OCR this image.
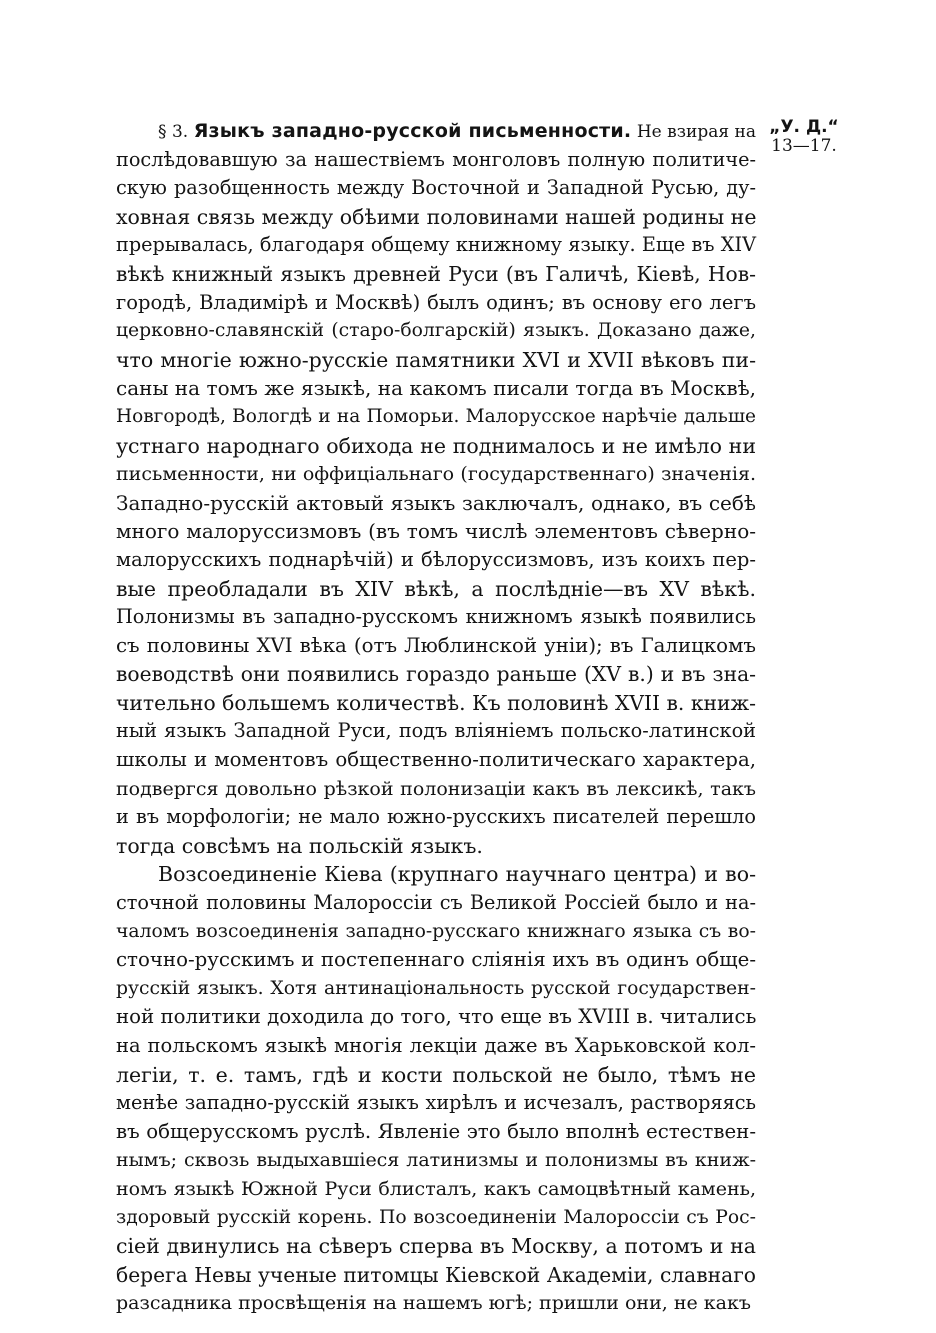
„У. Д.“
13—17.
§ 3. Языкъ западно-русской письменности. Не взирая на
послѣдовавшую за нашествіемъ монголовъ полную политиче-
скую разобщенность между Восточной и Западной Русью, ду-
ховная связь между обѣими половинами нашей родины не
прерывалась, благодаря общему книжному языку. Еще въ XIV
вѣкѣ книжный языкъ древней Руси (въ Галичѣ, Кіевѣ, Нов-
городѣ, Владимірѣ и Москвѣ) былъ одинъ; въ основу его легъ
церковно-славянскій (старо-болгарскій) языкъ. Доказано даже,
что многіе южно-русскіе памятники XVI и XVII вѣковъ пи-
саны на томъ же языкѣ, на какомъ писали тогда въ Москвѣ,
Новгородѣ, Вологдѣ и на Поморьи. Малорусское нарѣчіе дальше
устнаго народнаго обихода не поднималось и не имѣло ни
письменности, ни оффиціальнаго (государственнаго) значенія.
Западно-русскій актовый языкъ заключалъ, однако, въ себѣ
много малоруссизмовъ (въ томъ числѣ элементовъ сѣверно-
малорусскихъ поднарѣчій) и бѣлоруссизмовъ, изъ коихъ пер-
вые преобладали въ XIV вѣкѣ, а послѣдніе—въ XV вѣкѣ.
Полонизмы въ западно-русскомъ книжномъ языкѣ появились
съ половины XVI вѣка (отъ Люблинской уніи); въ Галицкомъ
воеводствѣ они появились гораздо раньше (XV в.) и въ зна-
чительно большемъ количествѣ. Къ половинѣ XVII в. книж-
ный языкъ Западной Руси, подъ вліяніемъ польско-латинской
школы и моментовъ общественно-политическаго характера,
подвергся довольно рѣзкой полонизаціи какъ въ лексикѣ, такъ
и въ морфологіи; не мало южно-русскихъ писателей перешло
тогда совсѣмъ на польскій языкъ.
Возсоединеніе Кіева (крупнаго научнаго центра) и во-
сточной половины Малороссіи съ Великой Россіей было и на-
чаломъ возсоединенія западно-русскаго книжнаго языка съ во-
сточно-русскимъ и постепеннаго сліянія ихъ въ одинъ обще-
русскій языкъ. Хотя антинаціональность русской государствен-
ной политики доходила до того, что еще въ XVIII в. читались
на польскомъ языкѣ многія лекціи даже въ Харьковской кол-
легіи, т. е. тамъ, гдѣ и кости польской не было, тѣмъ не
менѣе западно-русскій языкъ хирѣлъ и исчезалъ, растворяясь
въ общерусскомъ руслѣ. Явленіе это было вполнѣ естествен-
нымъ; сквозь выдыхавшіеся латинизмы и полонизмы въ книж-
номъ языкѣ Южной Руси блисталъ, какъ самоцвѣтный камень,
здоровый русскій корень. По возсоединеніи Малороссіи съ Рос-
сіей двинулись на сѣверъ сперва въ Москву, а потомъ и на
берега Невы ученые питомцы Кіевской Академіи, славнаго
разсадника просвѣщенія на нашемъ югѣ; пришли они, не какъ
